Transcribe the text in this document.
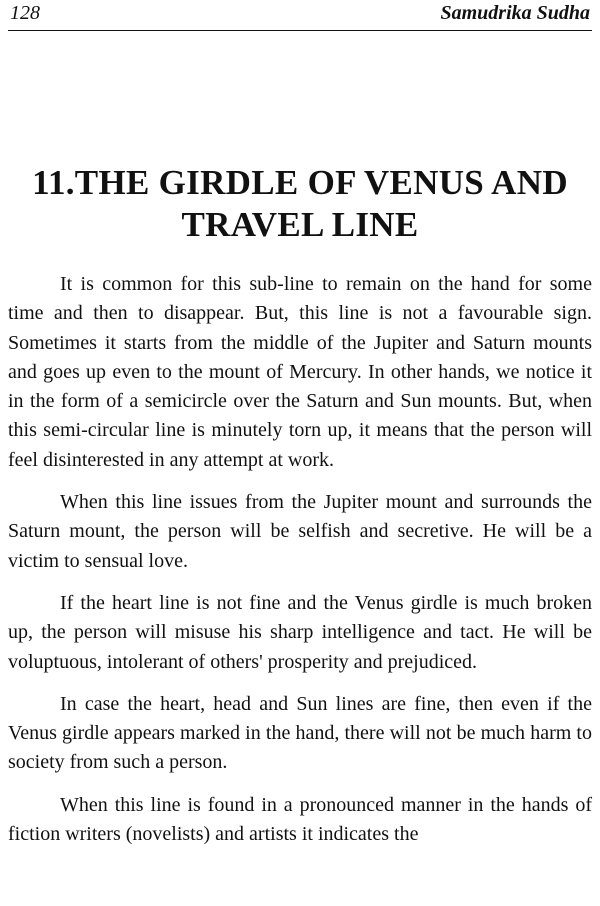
128	Samudrika Sudha
11.THE GIRDLE OF VENUS AND
TRAVEL LINE

It is common for this sub-line to remain on the hand for some time and then to disappear. But, this line is not a favourable sign. Sometimes it starts from the middle of the Jupiter and Saturn mounts and goes up even to the mount of Mercury. In other hands, we notice it in the form of a semicircle over the Saturn and Sun mounts. But, when this semi-circular line is minutely torn up, it means that the person will feel disinterested in any attempt at work.

When this line issues from the Jupiter mount and surrounds the Saturn mount, the person will be selfish and secretive. He will be a victim to sensual love.

If the heart line is not fine and the Venus girdle is much broken up, the person will misuse his sharp intelligence and tact. He will be voluptuous, intolerant of others' prosperity and prejudiced.

In case the heart, head and Sun lines are fine, then even if the Venus girdle appears marked in the hand, there will not be much harm to society from such a person.

When this line is found in a pronounced manner in the hands of fiction writers (novelists) and artists it indicates the
